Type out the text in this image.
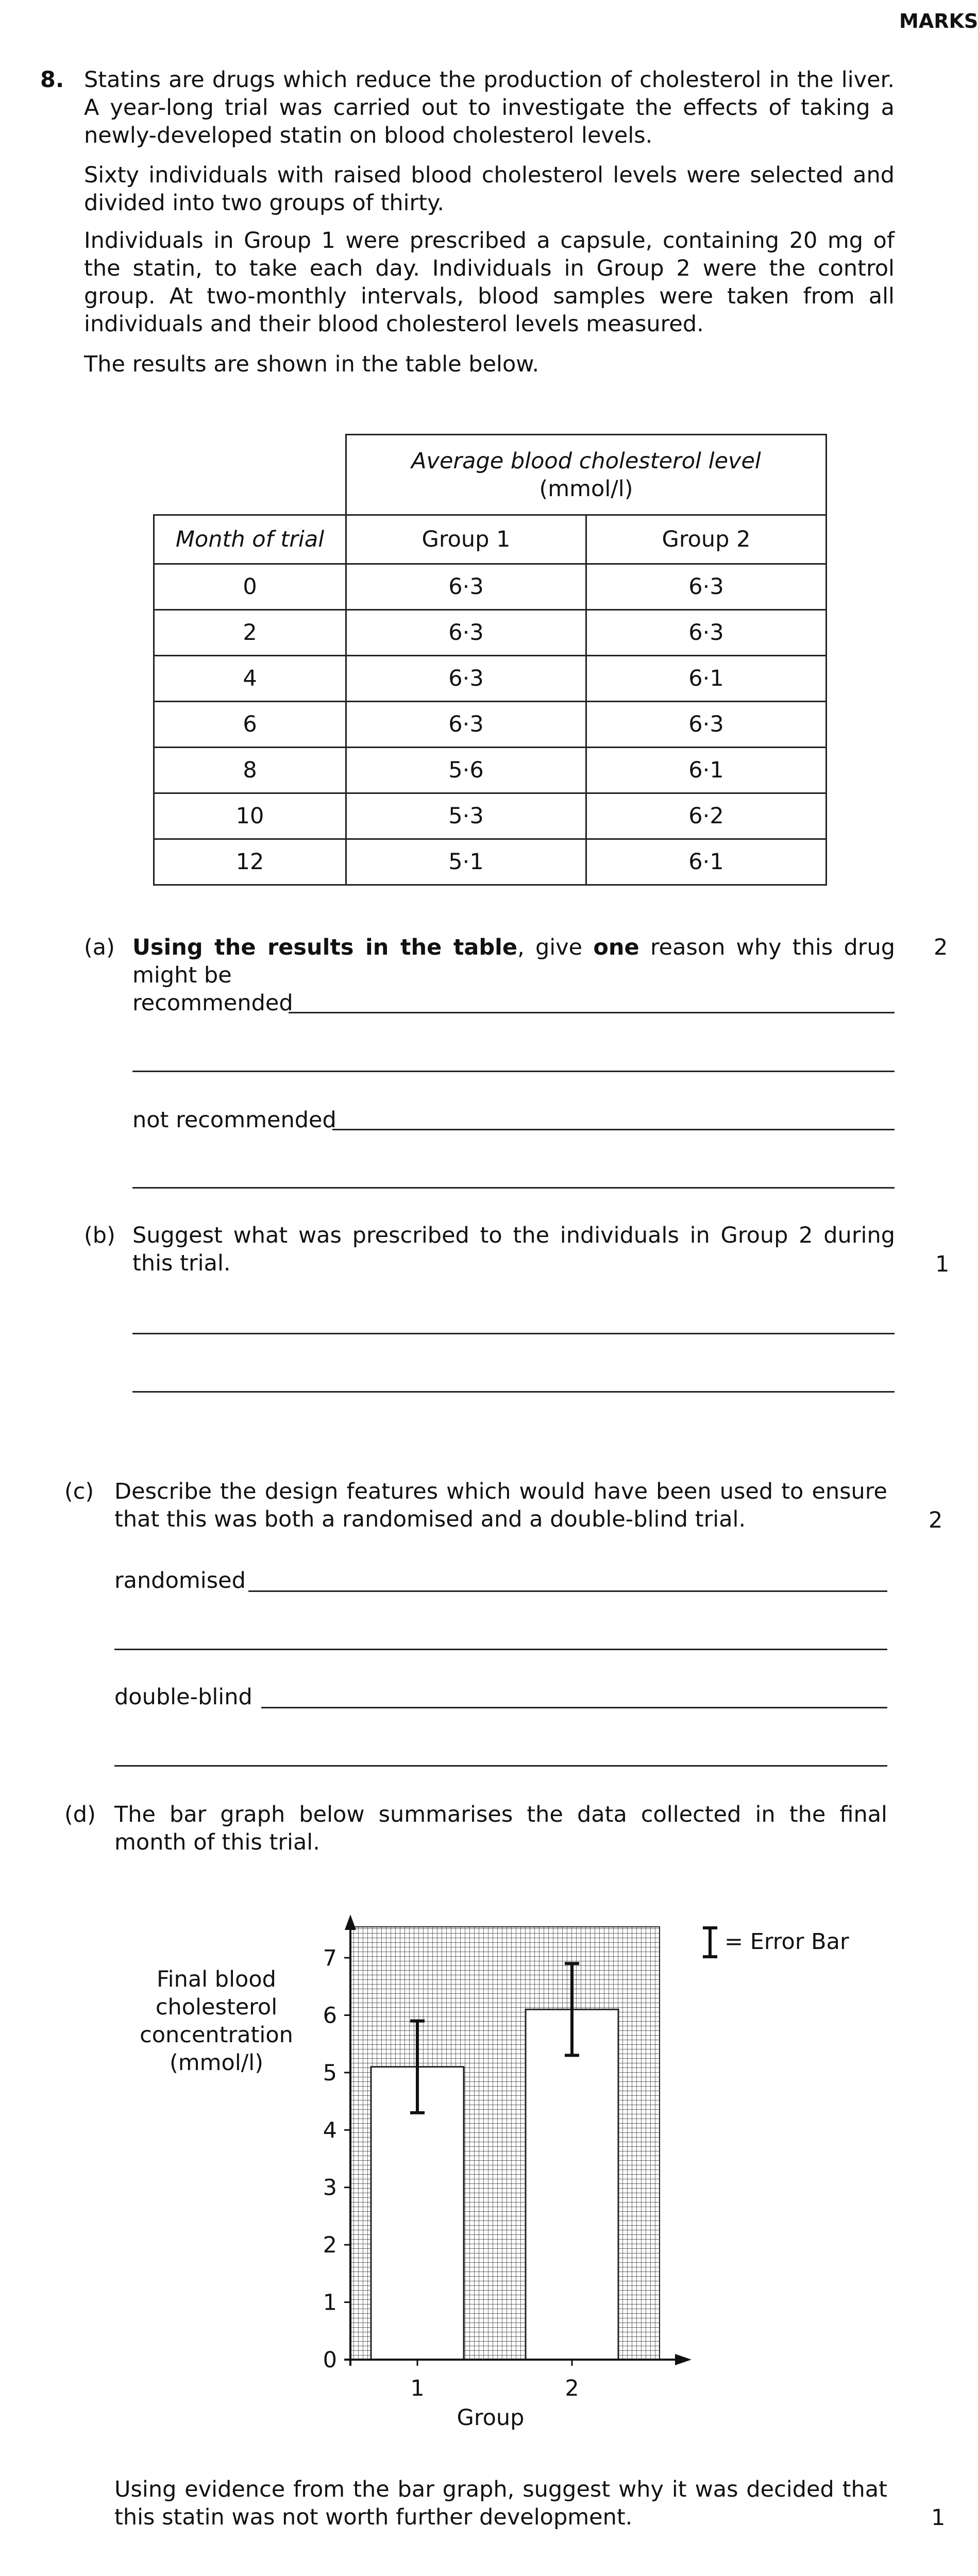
MARKS
8. Statins are drugs which reduce the production of cholesterol in the liver. A year-long trial was carried out to investigate the effects of taking a newly-developed statin on blood cholesterol levels.
Sixty individuals with raised blood cholesterol levels were selected and divided into two groups of thirty.
Individuals in Group 1 were prescribed a capsule, containing 20 mg of the statin, to take each day. Individuals in Group 2 were the control group. At two-monthly intervals, blood samples were taken from all individuals and their blood cholesterol levels measured.
The results are shown in the table below.
	Average blood cholesterol level
(mmol/l)	
Month of trial	Group 1	Group 2
0	6·3	6·3
2	6·3	6·3
4	6·3	6·1
6	6·3	6·3
8	5·6	6·1
10	5·3	6·2
12	5·1	6·1
(a) Using the results in the table, give one reason why this drug might be
2
recommended
not recommended
(b) Suggest what was prescribed to the individuals in Group 2 during this trial.	1
(c) Describe the design features which would have been used to ensure that this was both a randomised and a double-blind trial.	2
randomised
double-blind
(d) The bar graph below summarises the data collected in the final month of this trial.
Final blood
cholesterol
concentration
(mmol/l)
0
1
2
3
4
5
6
7
1	2
Group
= Error Bar
Using evidence from the bar graph, suggest why it was decided that this statin was not worth further development.	1
